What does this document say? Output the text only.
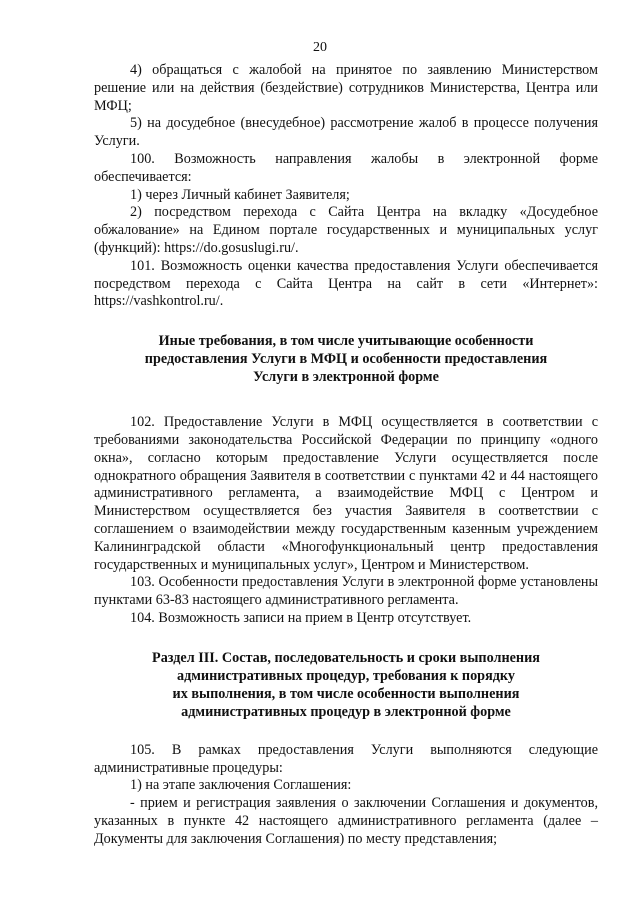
20

4) обращаться с жалобой на принятое по заявлению Министерством решение или на действия (бездействие) сотрудников Министерства, Центра или МФЦ;

5) на досудебное (внесудебное) рассмотрение жалоб в процессе получения Услуги.

100. Возможность направления жалобы в электронной форме обеспечивается:

1) через Личный кабинет Заявителя;

2) посредством перехода с Сайта Центра на вкладку «Досудебное обжалование» на Едином портале государственных и муниципальных услуг (функций): https://do.gosuslugi.ru/.

101. Возможность оценки качества предоставления Услуги обеспечивается посредством перехода с Сайта Центра на сайт в сети «Интернет»: https://vashkontrol.ru/.

Иные требования, в том числе учитывающие особенности

предоставления Услуги в МФЦ и особенности предоставления

Услуги в электронной форме

102. Предоставление Услуги в МФЦ осуществляется в соответствии с требованиями законодательства Российской Федерации по принципу «одного окна», согласно которым предоставление Услуги осуществляется после однократного обращения Заявителя в соответствии с пунктами 42 и 44 настоящего административного регламента, а взаимодействие МФЦ с Центром и Министерством осуществляется без участия Заявителя в соответствии с соглашением о взаимодействии между государственным казенным учреждением Калининградской области «Многофункциональный центр предоставления государственных и муниципальных услуг», Центром и Министерством.

103. Особенности предоставления Услуги в электронной форме установлены пунктами 63-83 настоящего административного регламента.

104. Возможность записи на прием в Центр отсутствует.

Раздел III. Состав, последовательность и сроки выполнения

административных процедур, требования к порядку

их выполнения, в том числе особенности выполнения

административных процедур в электронной форме

105. В рамках предоставления Услуги выполняются следующие административные процедуры:

1) на этапе заключения Соглашения:

- прием и регистрация заявления о заключении Соглашения и документов, указанных в пункте 42 настоящего административного регламента (далее – Документы для заключения Соглашения) по месту представления;
